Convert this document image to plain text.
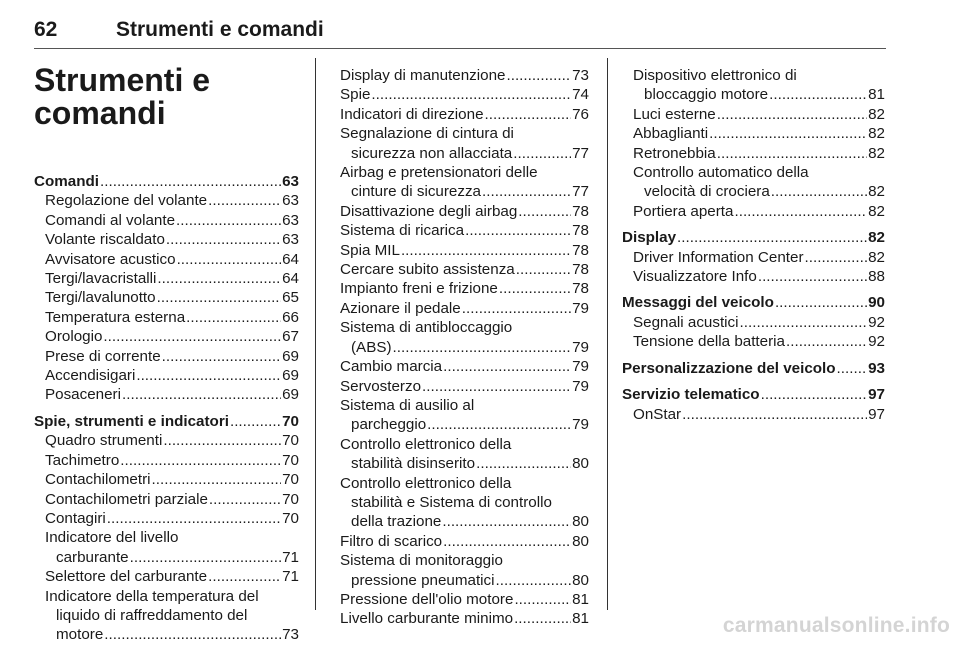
62	Strumenti e comandi
Strumenti e comandi
Comandi . . .	63
Regolazione del volante . . .	63
Comandi al volante . . .	63
Volante riscaldato . . .	63
Avvisatore acustico . . .	64
Tergi/lavacristalli . . .	64
Tergi/lavalunotto . . .	65
Temperatura esterna . . .	66
Orologio . . .	67
Prese di corrente . . .	69
Accendisigari . . .	69
Posaceneri . . .	69
Spie, strumenti e indicatori . . .	70
Quadro strumenti . . .	70
Tachimetro . . .	70
Contachilometri . . .	70
Contachilometri parziale . . .	70
Contagiri . . .	70
Indicatore del livello
carburante . . .	71
Selettore del carburante . . .	71
Indicatore della temperatura del
liquido di raffreddamento del
motore . . .	73
Display di manutenzione . . .	73
Spie . . .	74
Indicatori di direzione . . .	76
Segnalazione di cintura di
sicurezza non allacciata . . .	77
Airbag e pretensionatori delle
cinture di sicurezza . . .	77
Disattivazione degli airbag . . .	78
Sistema di ricarica . . .	78
Spia MIL . . .	78
Cercare subito assistenza . . .	78
Impianto freni e frizione . . .	78
Azionare il pedale . . .	79
Sistema di antibloccaggio
(ABS) . . .	79
Cambio marcia . . .	79
Servosterzo . . .	79
Sistema di ausilio al
parcheggio . . .	79
Controllo elettronico della
stabilità disinserito . . .	80
Controllo elettronico della
stabilità e Sistema di controllo
della trazione . . .	80
Filtro di scarico . . .	80
Sistema di monitoraggio
pressione pneumatici . . .	80
Pressione dell'olio motore . . .	81
Livello carburante minimo . . .	81
Dispositivo elettronico di
bloccaggio motore . . .	81
Luci esterne . . .	82
Abbaglianti . . .	82
Retronebbia . . .	82
Controllo automatico della
velocità di crociera . . .	82
Portiera aperta . . .	82
Display . . .	82
Driver Information Center . . .	82
Visualizzatore Info . . .	88
Messaggi del veicolo . . .	90
Segnali acustici . . .	92
Tensione della batteria . . .	92
Personalizzazione del veicolo . . . 93
Servizio telematico . . .	97
OnStar . . .	97
carmanualsonline.info
